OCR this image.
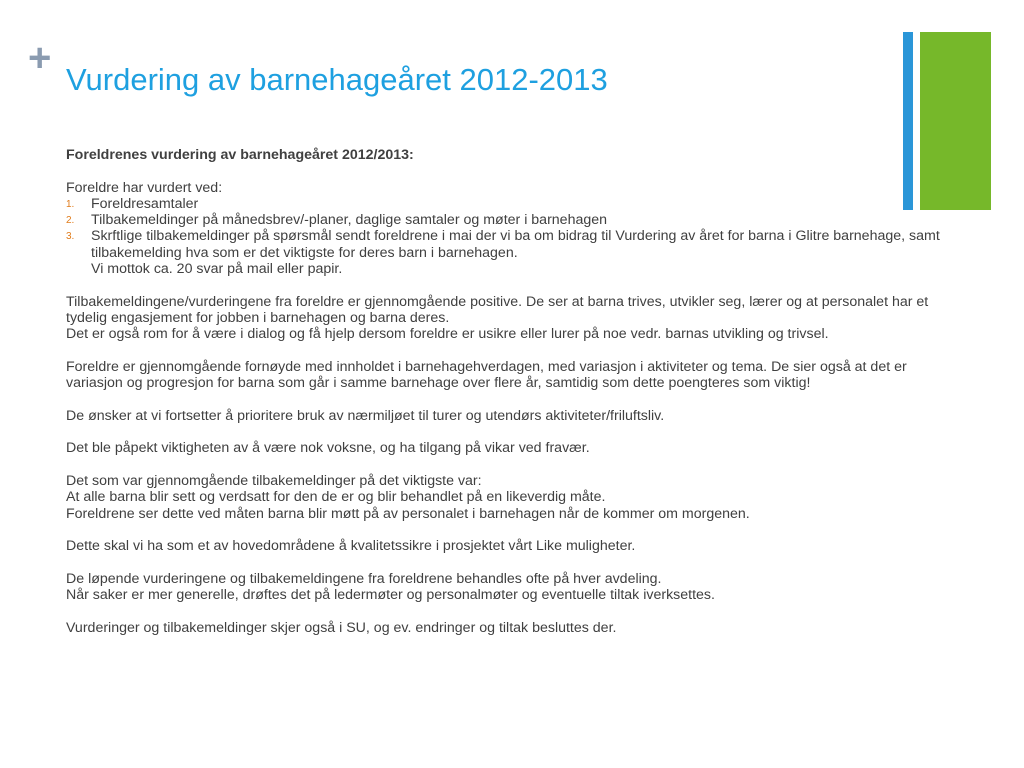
+ Vurdering av barnehageåret 2012-2013

Foreldrenes vurdering av barnehageåret 2012/2013:

Foreldre har vurdert ved:

1. Foreldresamtaler
2. Tilbakemeldinger på månedsbrev/-planer, daglige samtaler og møter i barnehagen
3. Skrftlige tilbakemeldinger på spørsmål sendt foreldrene i mai der vi ba om bidrag til Vurdering av året for barna i Glitre barnehage, samt tilbakemelding hva som er det viktigste for deres barn i barnehagen.

Vi mottok ca. 20 svar på mail eller papir.

Tilbakemeldingene/vurderingene fra foreldre er gjennomgående positive. De ser at barna trives, utvikler seg, lærer og at personalet har et tydelig engasjement for jobben i barnehagen og barna deres.

Det er også rom for å være i dialog og få hjelp dersom foreldre er usikre eller lurer på noe vedr. barnas utvikling og trivsel.

Foreldre er gjennomgående fornøyde med innholdet i barnehagehverdagen, med variasjon i aktiviteter og tema. De sier også at det er variasjon og progresjon for barna som går i samme barnehage over flere år, samtidig som dette poengteres som viktig!

De ønsker at vi fortsetter å prioritere bruk av nærmiljøet til turer og utendørs aktiviteter/friluftsliv.

Det ble påpekt viktigheten av å være nok voksne, og ha tilgang på vikar ved fravær.

Det som var gjennomgående tilbakemeldinger på det viktigste var:

At alle barna blir sett og verdsatt for den de er og blir behandlet på en likeverdig måte.

Foreldrene ser dette ved måten barna blir møtt på av personalet i barnehagen når de kommer om morgenen.

Dette skal vi ha som et av hovedområdene å kvalitetssikre i prosjektet vårt Like muligheter.

De løpende vurderingene og tilbakemeldingene fra foreldrene behandles ofte på hver avdeling.

Når saker er mer generelle, drøftes det på ledermøter og personalmøter og eventuelle tiltak iverksettes.

Vurderinger og tilbakemeldinger skjer også i SU, og ev. endringer og tiltak besluttes der.
